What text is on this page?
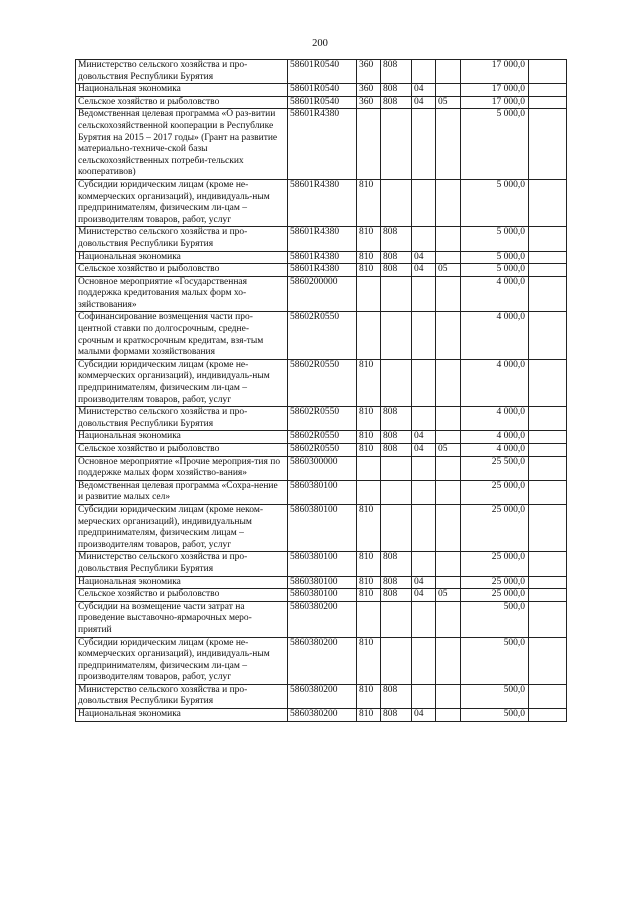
200
Министерство сельского хозяйства и про-довольствия Республики Бурятия	58601R0540	360	808			17 000,0	
Национальная экономика	58601R0540	360	808	04		17 000,0	
Сельское хозяйство и рыболовство	58601R0540	360	808	04	05	17 000,0	
Ведомственная целевая программа «О раз-витии сельскохозяйственной кооперации в Республике Бурятия на 2015 – 2017 годы» (Грант на развитие материально-техниче-ской базы сельскохозяйственных потреби-тельских кооперативов)	58601R4380					5 000,0	
Субсидии юридическим лицам (кроме не-коммерческих организаций), индивидуаль-ным предпринимателям, физическим ли-цам – производителям товаров, работ, услуг	58601R4380	810				5 000,0	
Министерство сельского хозяйства и про-довольствия Республики Бурятия	58601R4380	810	808			5 000,0	
Национальная экономика	58601R4380	810	808	04		5 000,0	
Сельское хозяйство и рыболовство	58601R4380	810	808	04	05	5 000,0	
Основное мероприятие «Государственная поддержка кредитования малых форм хо-зяйствования»	5860200000					4 000,0	
Софинансирование возмещения части про-центной ставки по долгосрочным, средне-срочным и краткосрочным кредитам, взя-тым малыми формами хозяйствования	58602R0550					4 000,0	
Субсидии юридическим лицам (кроме не-коммерческих организаций), индивидуаль-ным предпринимателям, физическим ли-цам – производителям товаров, работ, услуг	58602R0550	810				4 000,0	
Министерство сельского хозяйства и про-довольствия Республики Бурятия	58602R0550	810	808			4 000,0	
Национальная экономика	58602R0550	810	808	04		4 000,0	
Сельское хозяйство и рыболовство	58602R0550	810	808	04	05	4 000,0	
Основное мероприятие «Прочие мероприя-тия по поддержке малых форм хозяйство-вания»	5860300000					25 500,0	
Ведомственная целевая программа «Сохра-нение и развитие малых сел»	5860380100					25 000,0	
Субсидии юридическим лицам (кроме неком-мерческих организаций), индивидуальным предпринимателям, физическим лицам – производителям товаров, работ, услуг	5860380100	810				25 000,0	
Министерство сельского хозяйства и про-довольствия Республики Бурятия	5860380100	810	808			25 000,0	
Национальная экономика	5860380100	810	808	04		25 000,0	
Сельское хозяйство и рыболовство	5860380100	810	808	04	05	25 000,0	
Субсидии на возмещение части затрат на проведение выставочно-ярмарочных меро-приятий	5860380200					500,0	
Субсидии юридическим лицам (кроме не-коммерческих организаций), индивидуаль-ным предпринимателям, физическим ли-цам – производителям товаров, работ, услуг	5860380200	810				500,0	
Министерство сельского хозяйства и про-довольствия Республики Бурятия	5860380200	810	808			500,0	
Национальная экономика	5860380200	810	808	04		500,0	
